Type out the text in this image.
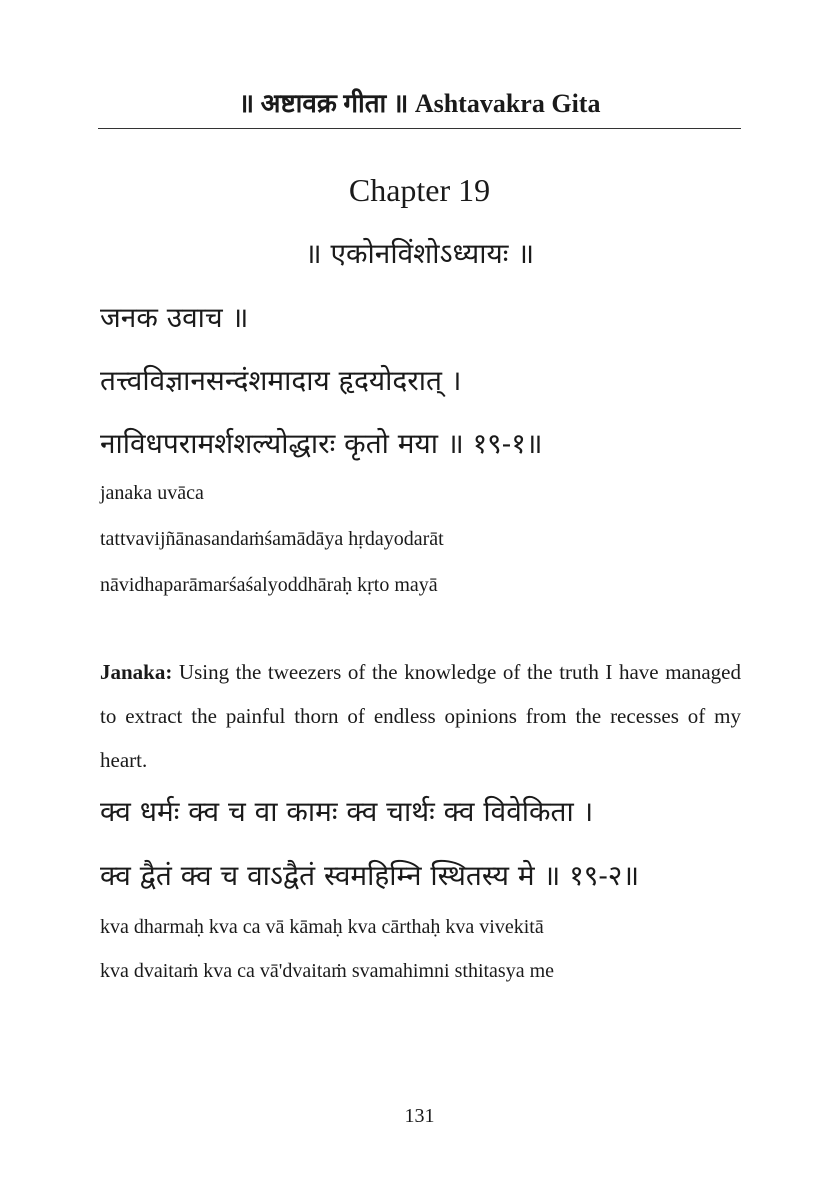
॥ अष्टावक्र गीता ॥ Ashtavakra Gita
Chapter 19
॥ एकोनविंशोऽध्यायः ॥
जनक उवाच ॥
तत्त्वविज्ञानसन्दंशमादाय हृदयोदरात् ।
नाविधपरामर्शशल्योद्धारः कृतो मया ॥ १९-१॥
janaka uvāca
tattvavijñānasandaṁśamādāya hṛdayodarāt
nāvidhaparāmarśaśalyoddhāraḥ kṛto mayā
Janaka: Using the tweezers of the knowledge of the truth I have managed to extract the painful thorn of endless opinions from the recesses of my heart.
क्व धर्मः क्व च वा कामः क्व चार्थः क्व विवेकिता ।
क्व द्वैतं क्व च वाऽद्वैतं स्वमहिम्नि स्थितस्य मे ॥ १९-२॥
kva dharmaḥ kva ca vā kāmaḥ kva cārthaḥ kva vivekitā
kva dvaitaṁ kva ca vā'dvaitaṁ svamahimni sthitasya me
131
